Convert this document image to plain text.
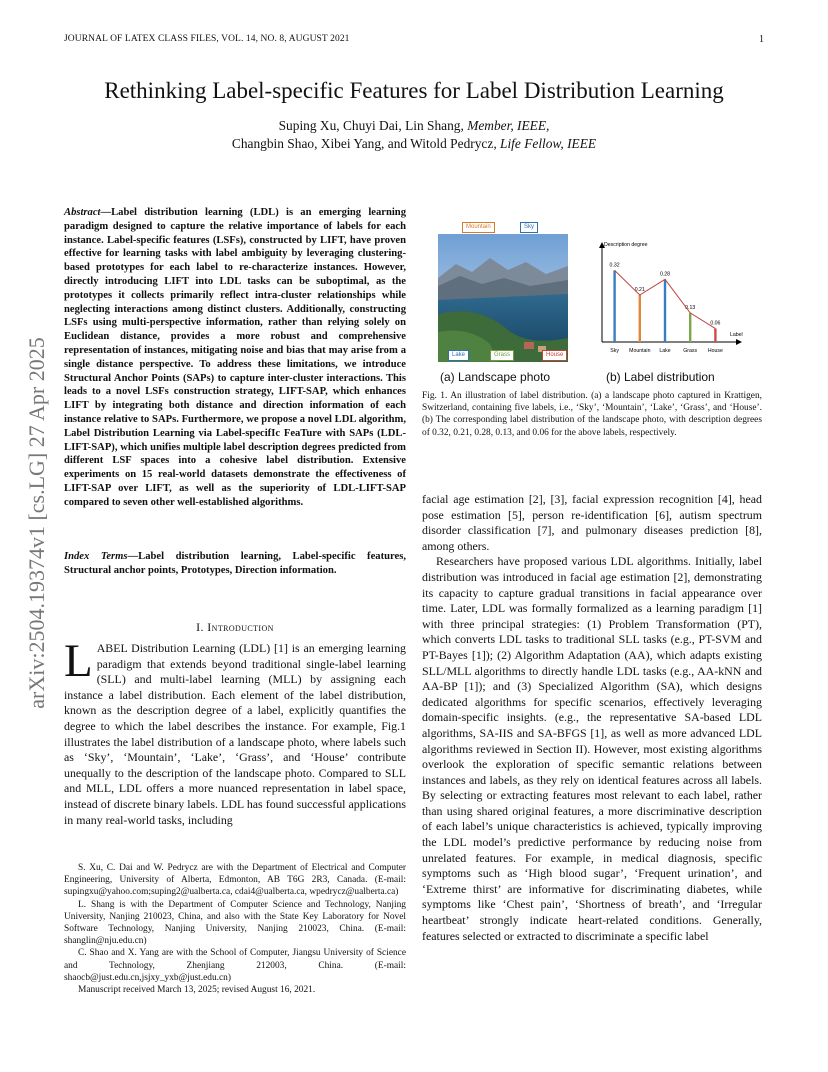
JOURNAL OF LATEX CLASS FILES, VOL. 14, NO. 8, AUGUST 2021	1
Rethinking Label-specific Features for Label Distribution Learning
Suping Xu, Chuyi Dai, Lin Shang, Member, IEEE,
Changbin Shao, Xibei Yang, and Witold Pedrycz, Life Fellow, IEEE
arXiv:2504.19374v1 [cs.LG] 27 Apr 2025

Abstract—Label distribution learning (LDL) is an emerging learning paradigm designed to capture the relative importance of labels for each instance. Label-specific features (LSFs), constructed by LIFT, have proven effective for learning tasks with label ambiguity by leveraging clustering-based prototypes for each label to re-characterize instances. However, directly introducing LIFT into LDL tasks can be suboptimal, as the prototypes it collects primarily reflect intra-cluster relationships while neglecting interactions among distinct clusters. Additionally, constructing LSFs using multi-perspective information, rather than relying solely on Euclidean distance, provides a more robust and comprehensive representation of instances, mitigating noise and bias that may arise from a single distance perspective. To address these limitations, we introduce Structural Anchor Points (SAPs) to capture inter-cluster interactions. This leads to a novel LSFs construction strategy, LIFT-SAP, which enhances LIFT by integrating both distance and direction information of each instance relative to SAPs. Furthermore, we propose a novel LDL algorithm, Label Distribution Learning via Label-specifIc FeaTure with SAPs (LDL-LIFT-SAP), which unifies multiple label description degrees predicted from different LSF spaces into a cohesive label distribution. Extensive experiments on 15 real-world datasets demonstrate the effectiveness of LIFT-SAP over LIFT, as well as the superiority of LDL-LIFT-SAP compared to seven other well-established algorithms.

Index Terms—Label distribution learning, Label-specific features, Structural anchor points, Prototypes, Direction information.

I. Introduction

LABEL Distribution Learning (LDL) [1] is an emerging learning paradigm that extends beyond traditional single-label learning (SLL) and multi-label learning (MLL) by assigning each instance a label distribution. Each element of the label distribution, known as the description degree of a label, explicitly quantifies the degree to which the label describes the instance. For example, Fig.1 illustrates the label distribution of a landscape photo, where labels such as ‘Sky’, ‘Mountain’, ‘Lake’, ‘Grass’, and ‘House’ contribute unequally to the description of the landscape photo. Compared to SLL and MLL, LDL offers a more nuanced representation in label space, instead of discrete binary labels. LDL has found successful applications in many real-world tasks, including

S. Xu, C. Dai and W. Pedrycz are with the Department of Electrical and Computer Engineering, University of Alberta, Edmonton, AB T6G 2R3, Canada. (E-mail: supingxu@yahoo.com;suping2@ualberta.ca, cdai4@ualberta.ca, wpedrycz@ualberta.ca)

L. Shang is with the Department of Computer Science and Technology, Nanjing University, Nanjing 210023, China, and also with the State Key Laboratory for Novel Software Technology, Nanjing University, Nanjing 210023, China. (E-mail: shanglin@nju.edu.cn)

C. Shao and X. Yang are with the School of Computer, Jiangsu University of Science and Technology, Zhenjiang 212003, China. (E-mail: shaocb@just.edu.cn,jsjxy_yxb@just.edu.cn)

Manuscript received March 13, 2025; revised August 16, 2021.

Mountain	Sky
Lake	Grass	House
Description degree
Label
0.32
Sky
0.21
Mountain
0.28
Lake
0.13
Grass
0.06
House
(a) Landscape photo	(b) Label distribution
Fig. 1. An illustration of label distribution. (a) a landscape photo captured in Krattigen, Switzerland, containing five labels, i.e., ‘Sky’, ‘Mountain’, ‘Lake’, ‘Grass’, and ‘House’. (b) The corresponding label distribution of the landscape photo, with description degrees of 0.32, 0.21, 0.28, 0.13, and 0.06 for the above labels, respectively.

facial age estimation [2], [3], facial expression recognition [4], head pose estimation [5], person re-identification [6], autism spectrum disorder classification [7], and pulmonary diseases prediction [8], among others.

Researchers have proposed various LDL algorithms. Initially, label distribution was introduced in facial age estimation [2], demonstrating its capacity to capture gradual transitions in facial appearance over time. Later, LDL was formally formalized as a learning paradigm [1] with three principal strategies: (1) Problem Transformation (PT), which converts LDL tasks to traditional SLL tasks (e.g., PT-SVM and PT-Bayes [1]); (2) Algorithm Adaptation (AA), which adapts existing SLL/MLL algorithms to directly handle LDL tasks (e.g., AA-kNN and AA-BP [1]); and (3) Specialized Algorithm (SA), which designs dedicated algorithms for specific scenarios, effectively leveraging domain-specific insights. (e.g., the representative SA-based LDL algorithms, SA-IIS and SA-BFGS [1], as well as more advanced LDL algorithms reviewed in Section II). However, most existing algorithms overlook the exploration of specific semantic relations between instances and labels, as they rely on identical features across all labels. By selecting or extracting features most relevant to each label, rather than using shared original features, a more discriminative description of each label’s unique characteristics is achieved, typically improving the LDL model’s predictive performance by reducing noise from unrelated features. For example, in medical diagnosis, specific symptoms such as ‘High blood sugar’, ‘Frequent urination’, and ‘Extreme thirst’ are informative for discriminating diabetes, while symptoms like ‘Chest pain’, ‘Shortness of breath’, and ‘Irregular heartbeat’ strongly indicate heart-related conditions. Generally, features selected or extracted to discriminate a specific label
